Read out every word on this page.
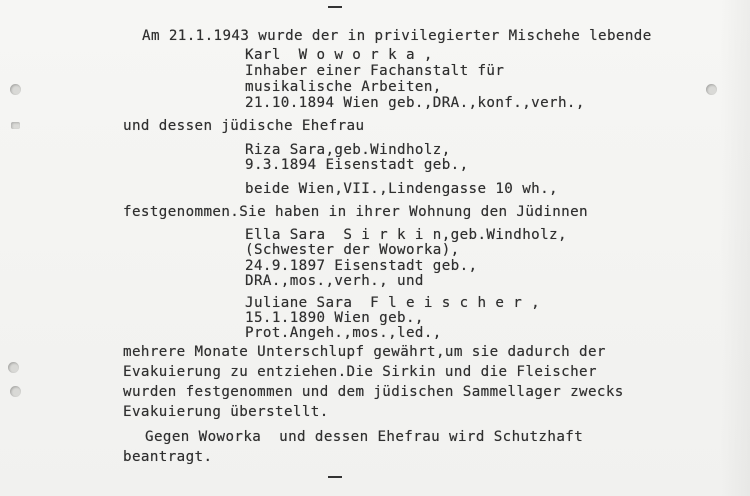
Am 21.1.1943 wurde der in privilegierter Mischehe lebende
Karl  W o w o r k a ,
Inhaber einer Fachanstalt für
musikalische Arbeiten,
21.10.1894 Wien geb.,DRA.,konf.,verh.,
und dessen jüdische Ehefrau
Riza Sara,geb.Windholz,
9.3.1894 Eisenstadt geb.,
beide Wien,VII.,Lindengasse 10 wh.,
festgenommen.Sie haben in ihrer Wohnung den Jüdinnen
Ella Sara  S i r k i n,geb.Windholz,
(Schwester der Woworka),
24.9.1897 Eisenstadt geb.,
DRA.,mos.,verh., und
Juliane Sara  F l e i s c h e r ,
15.1.1890 Wien geb.,
Prot.Angeh.,mos.,led.,
mehrere Monate Unterschlupf gewährt,um sie dadurch der
Evakuierung zu entziehen.Die Sirkin und die Fleischer
wurden festgenommen und dem jüdischen Sammellager zwecks
Evakuierung überstellt.
Gegen Woworka  und dessen Ehefrau wird Schutzhaft
beantragt.
